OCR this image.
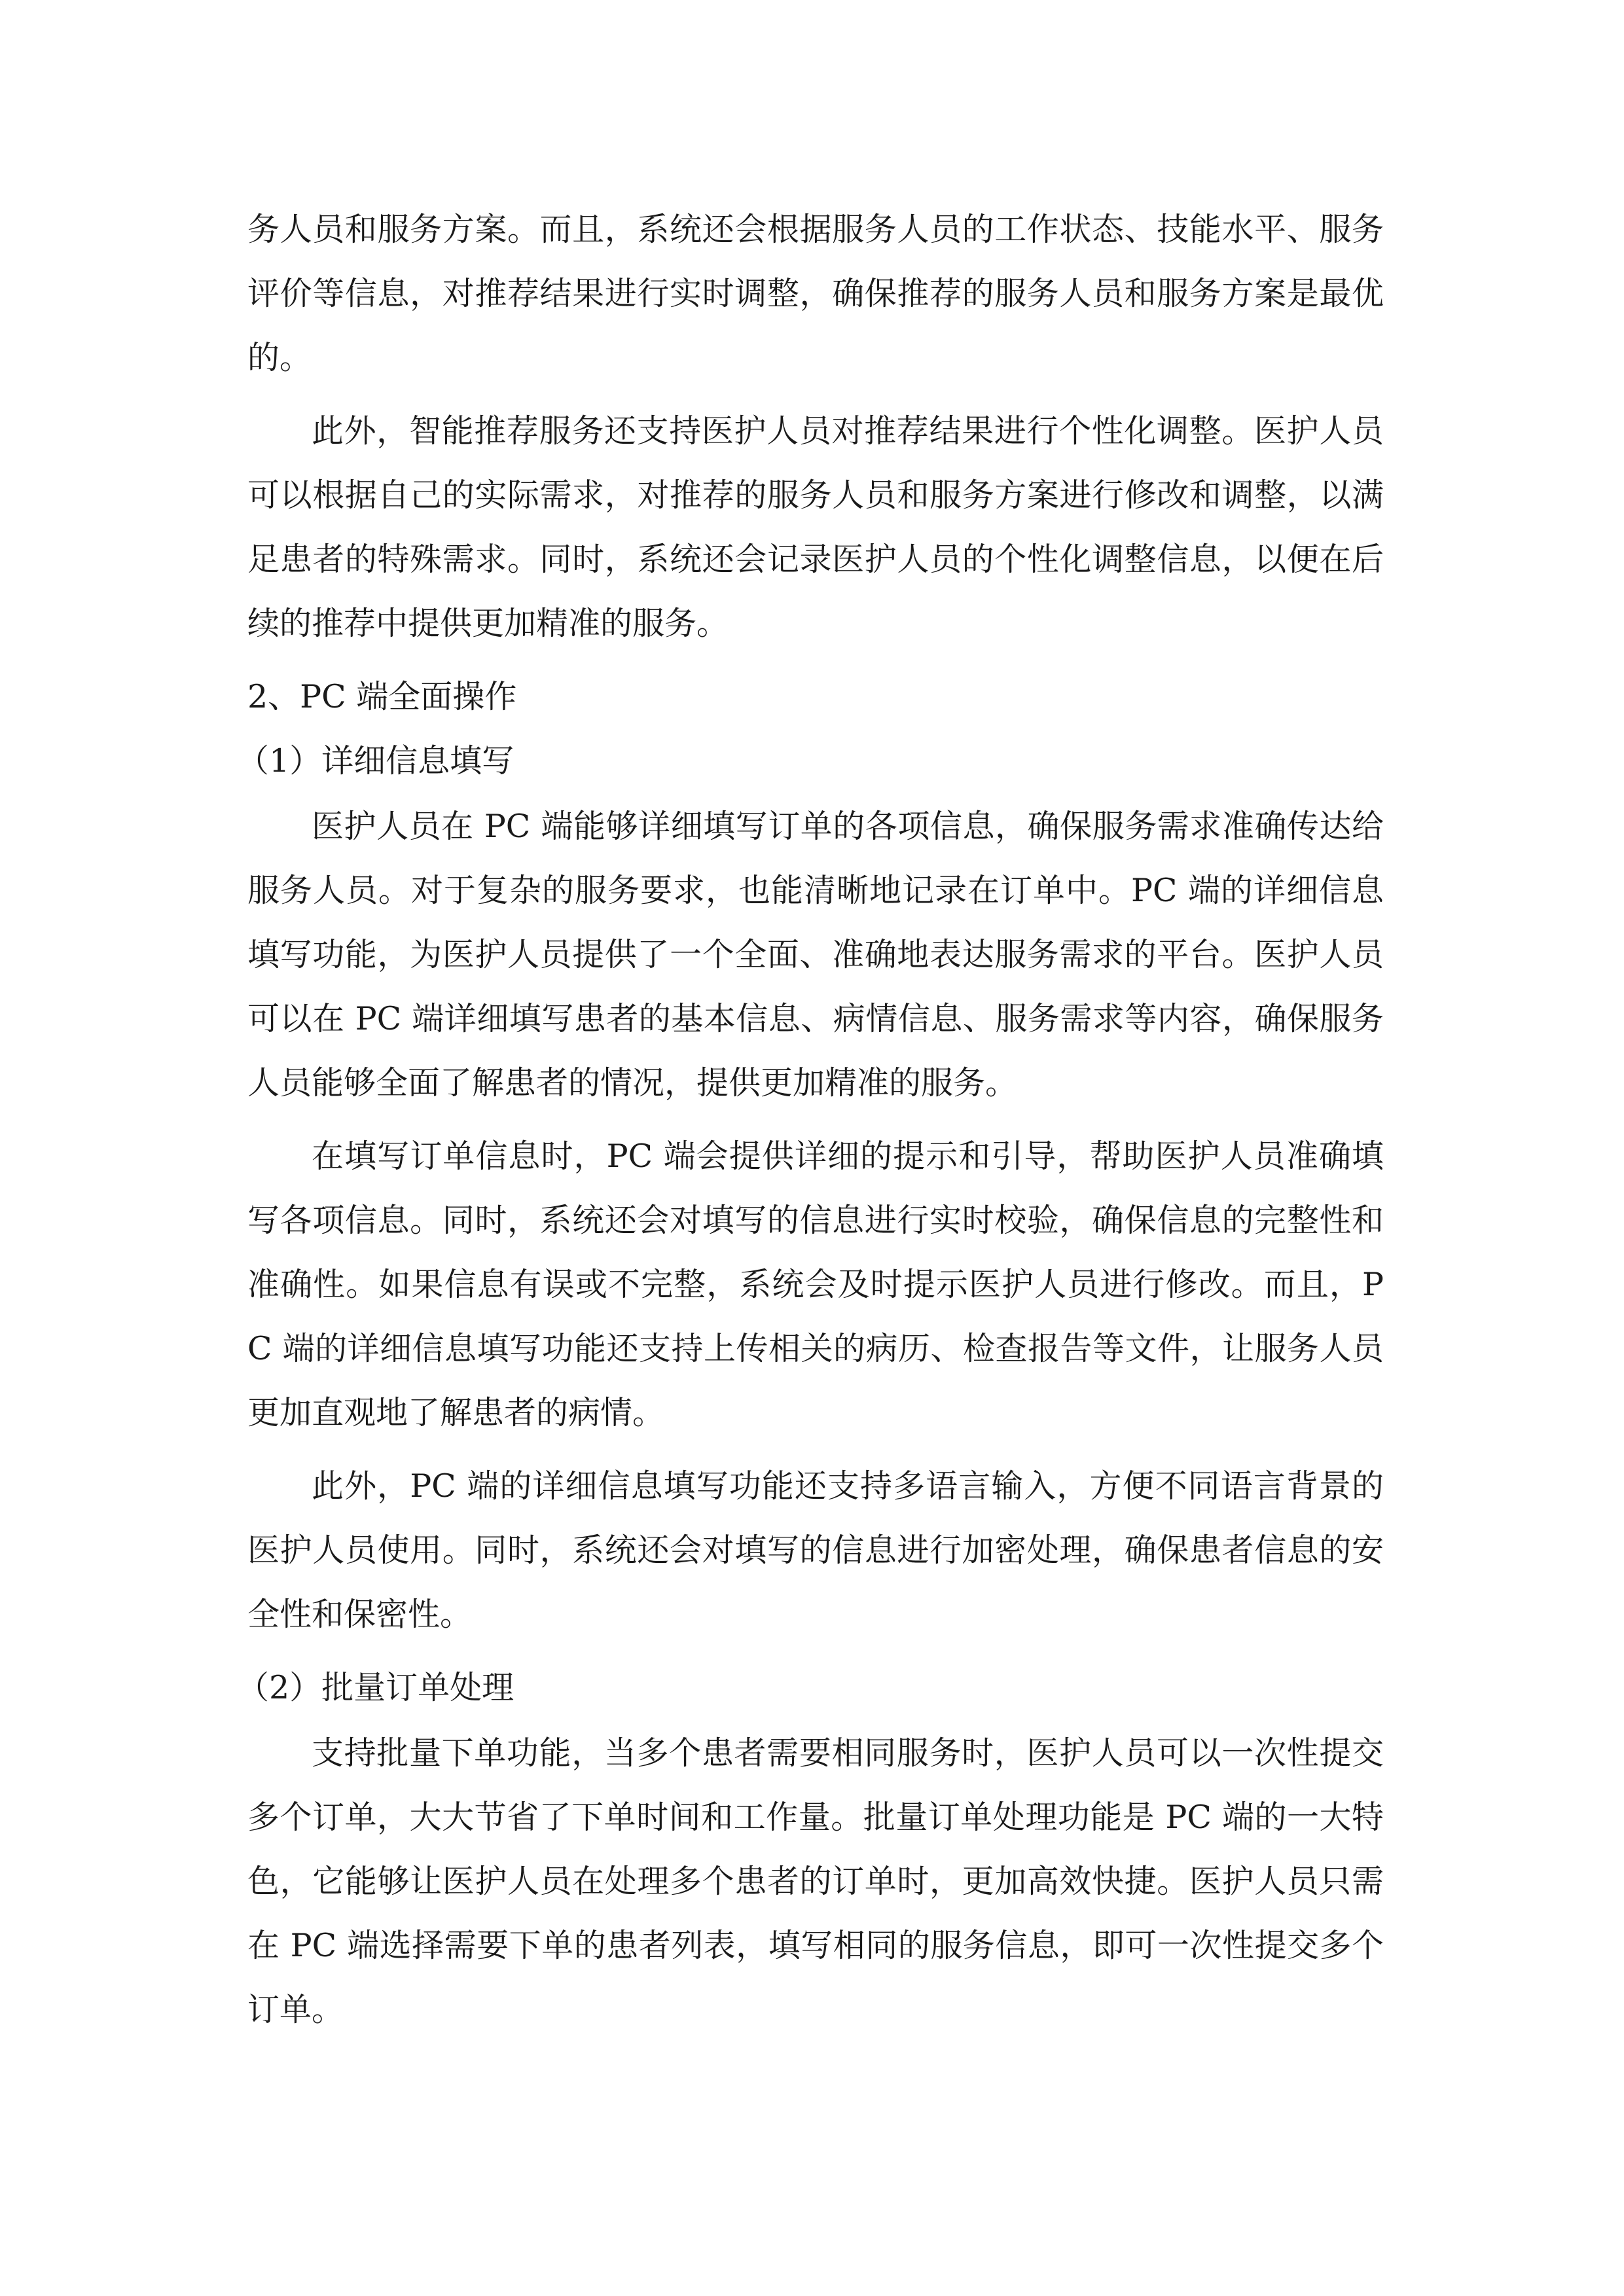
务人员和服务方案。而且，系统还会根据服务人员的工作状态、技能水平、服务评价等信息，对推荐结果进行实时调整，确保推荐的服务人员和服务方案是最优的。

此外，智能推荐服务还支持医护人员对推荐结果进行个性化调整。医护人员可以根据自己的实际需求，对推荐的服务人员和服务方案进行修改和调整，以满足患者的特殊需求。同时，系统还会记录医护人员的个性化调整信息，以便在后续的推荐中提供更加精准的服务。

2、PC 端全面操作

（1）详细信息填写

医护人员在 PC 端能够详细填写订单的各项信息，确保服务需求准确传达给服务人员。对于复杂的服务要求，也能清晰地记录在订单中。PC 端的详细信息填写功能，为医护人员提供了一个全面、准确地表达服务需求的平台。医护人员可以在 PC 端详细填写患者的基本信息、病情信息、服务需求等内容，确保服务人员能够全面了解患者的情况，提供更加精准的服务。

在填写订单信息时，PC 端会提供详细的提示和引导，帮助医护人员准确填写各项信息。同时，系统还会对填写的信息进行实时校验，确保信息的完整性和准确性。如果信息有误或不完整，系统会及时提示医护人员进行修改。而且，PC 端的详细信息填写功能还支持上传相关的病历、检查报告等文件，让服务人员更加直观地了解患者的病情。

此外，PC 端的详细信息填写功能还支持多语言输入，方便不同语言背景的医护人员使用。同时，系统还会对填写的信息进行加密处理，确保患者信息的安全性和保密性。

（2）批量订单处理

支持批量下单功能，当多个患者需要相同服务时，医护人员可以一次性提交多个订单，大大节省了下单时间和工作量。批量订单处理功能是 PC 端的一大特色，它能够让医护人员在处理多个患者的订单时，更加高效快捷。医护人员只需在 PC 端选择需要下单的患者列表，填写相同的服务信息，即可一次性提交多个订单。
